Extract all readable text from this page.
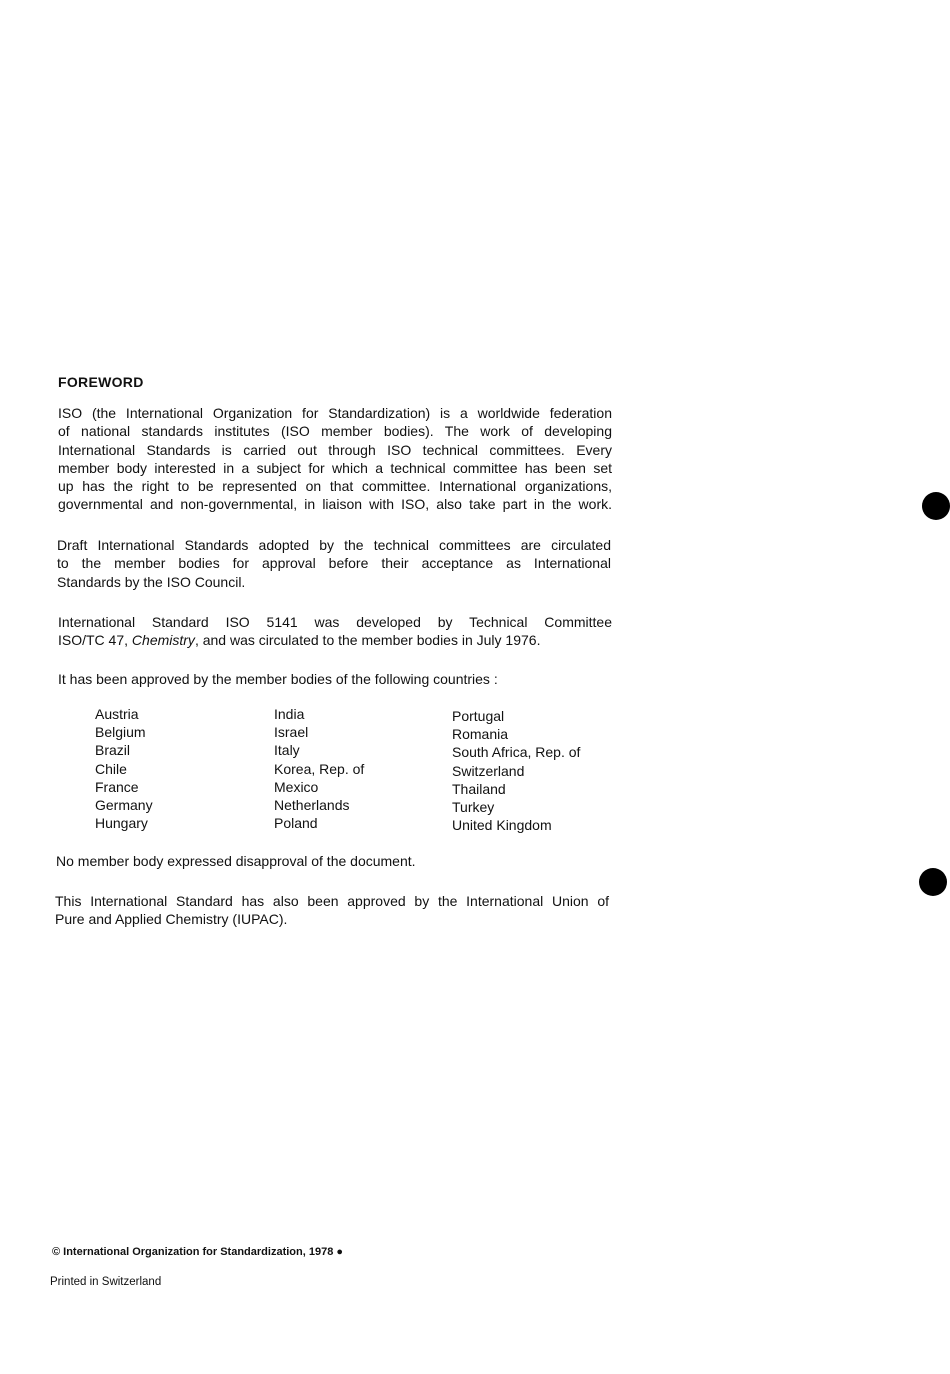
FOREWORD
ISO (the International Organization for Standardization) is a worldwide federation
of national standards institutes (ISO member bodies). The work of developing
International Standards is carried out through ISO technical committees. Every
member body interested in a subject for which a technical committee has been set
up has the right to be represented on that committee. International organizations,
governmental and non-governmental, in liaison with ISO, also take part in the work.
Draft International Standards adopted by the technical committees are circulated
to the member bodies for approval before their acceptance as International
Standards by the ISO Council.
International Standard ISO 5141 was developed by Technical Committee
ISO/TC 47, Chemistry, and was circulated to the member bodies in July 1976.
It has been approved by the member bodies of the following countries :
Austria
Belgium
Brazil
Chile
France
Germany
Hungary
India
Israel
Italy
Korea, Rep. of
Mexico
Netherlands
Poland
Portugal
Romania
South Africa, Rep. of
Switzerland
Thailand
Turkey
United Kingdom
No member body expressed disapproval of the document.
This International Standard has also been approved by the International Union of
Pure and Applied Chemistry (IUPAC).
© International Organization for Standardization, 1978 ●
Printed in Switzerland
